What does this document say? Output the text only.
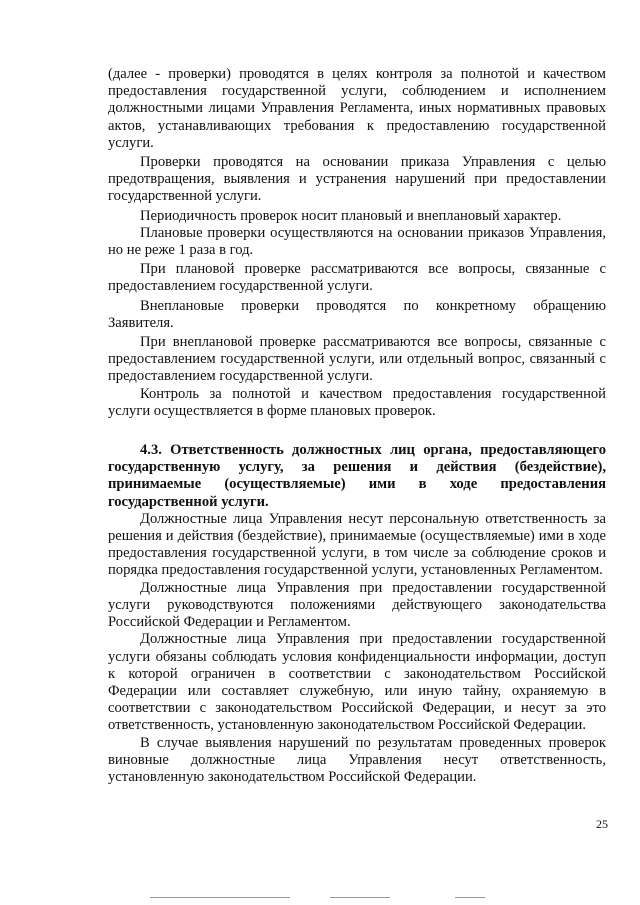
(далее - проверки) проводятся в целях контроля за полнотой и качеством предоставления государственной услуги, соблюдением и исполнением должностными лицами Управления Регламента, иных нормативных правовых актов, устанавливающих требования к предоставлению государственной услуги.

Проверки проводятся на основании приказа Управления с целью предотвращения, выявления и устранения нарушений при предоставлении государственной услуги.

Периодичность проверок носит плановый и внеплановый характер.

Плановые проверки осуществляются на основании приказов Управления, но не реже 1 раза в год.

При плановой проверке рассматриваются все вопросы, связанные с предоставлением государственной услуги.

Внеплановые проверки проводятся по конкретному обращению Заявителя.

При внеплановой проверке рассматриваются все вопросы, связанные с предоставлением государственной услуги, или отдельный вопрос, связанный с предоставлением государственной услуги.

Контроль за полнотой и качеством предоставления государственной услуги осуществляется в форме плановых проверок.

4.3. Ответственность должностных лиц органа, предоставляющего государственную услугу, за решения и действия (бездействие), принимаемые (осуществляемые) ими в ходе предоставления государственной услуги.

Должностные лица Управления несут персональную ответственность за решения и действия (бездействие), принимаемые (осуществляемые) ими в ходе предоставления государственной услуги, в том числе за соблюдение сроков и порядка предоставления государственной услуги, установленных Регламентом.

Должностные лица Управления при предоставлении государственной услуги руководствуются положениями действующего законодательства Российской Федерации и Регламентом.

Должностные лица Управления при предоставлении государственной услуги обязаны соблюдать условия конфиденциальности информации, доступ к которой ограничен в соответствии с законодательством Российской Федерации или составляет служебную, или иную тайну, охраняемую в соответствии с законодательством Российской Федерации, и несут за это ответственность, установленную законодательством Российской Федерации.

В случае выявления нарушений по результатам проведенных проверок виновные должностные лица Управления несут ответственность, установленную законодательством Российской Федерации.

25
